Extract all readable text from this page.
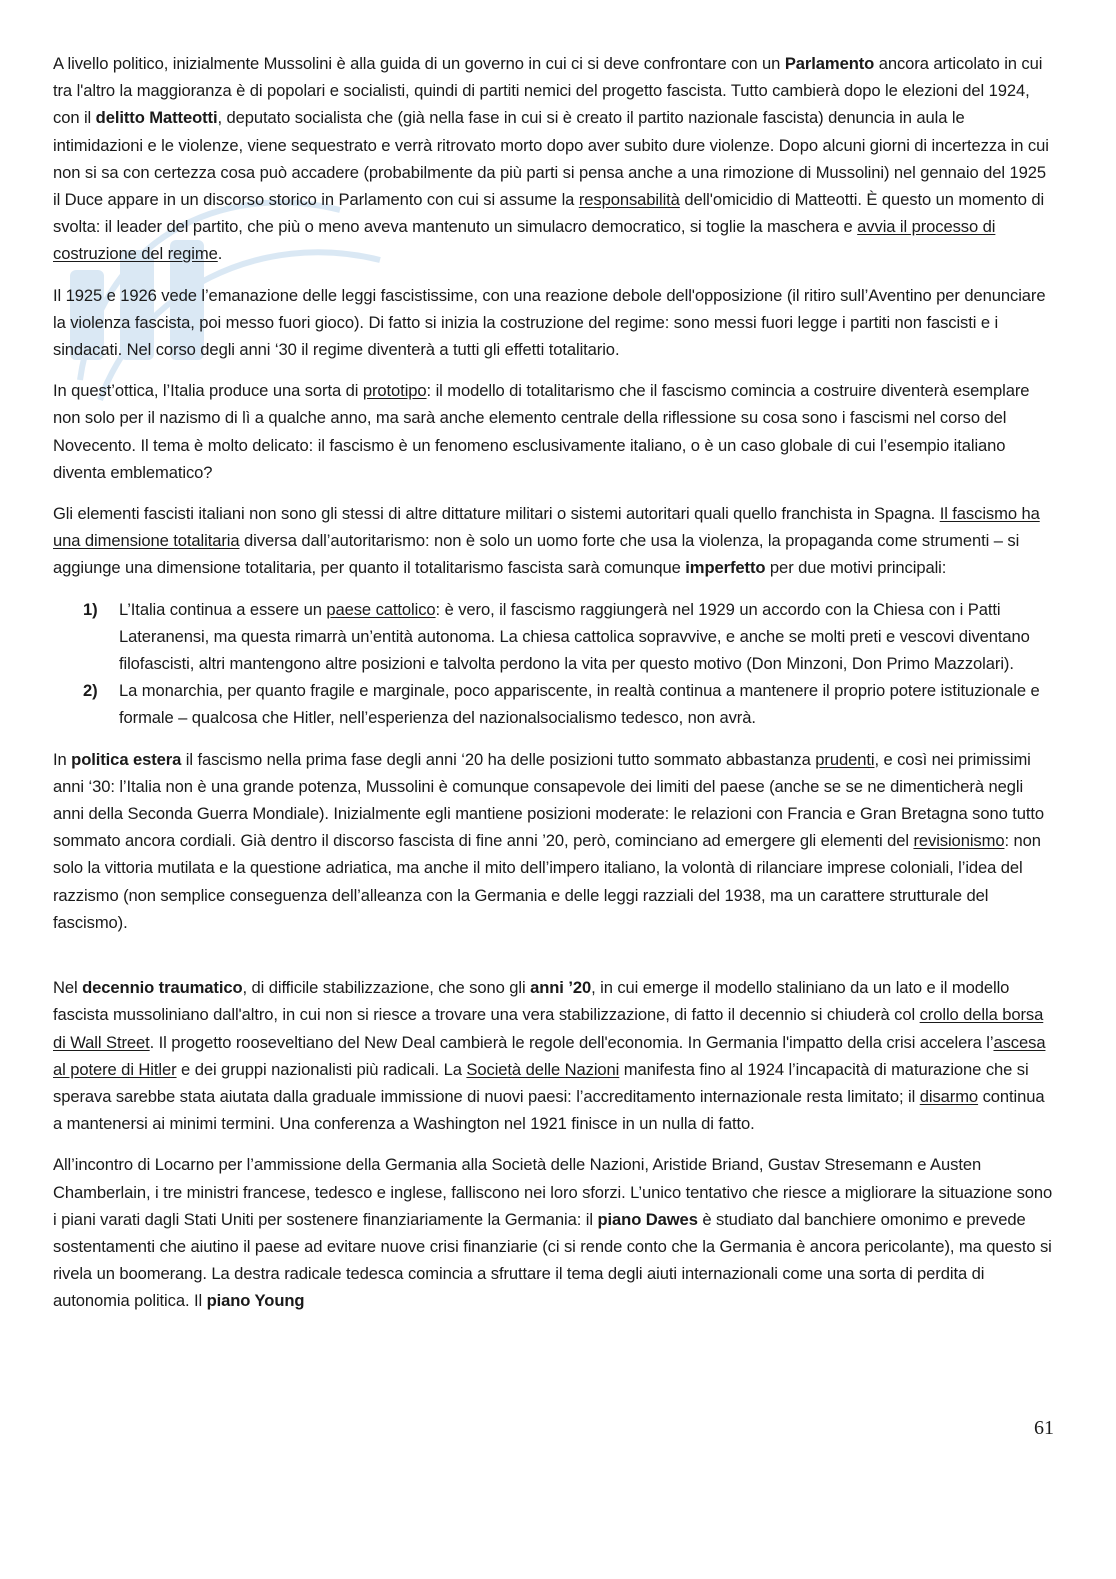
A livello politico, inizialmente Mussolini è alla guida di un governo in cui ci si deve confrontare con un Parlamento ancora articolato in cui tra l'altro la maggioranza è di popolari e socialisti, quindi di partiti nemici del progetto fascista. Tutto cambierà dopo le elezioni del 1924, con il delitto Matteotti, deputato socialista che (già nella fase in cui si è creato il partito nazionale fascista) denuncia in aula le intimidazioni e le violenze, viene sequestrato e verrà ritrovato morto dopo aver subito dure violenze. Dopo alcuni giorni di incertezza in cui non si sa con certezza cosa può accadere (probabilmente da più parti si pensa anche a una rimozione di Mussolini) nel gennaio del 1925 il Duce appare in un discorso storico in Parlamento con cui si assume la responsabilità dell'omicidio di Matteotti. È questo un momento di svolta: il leader del partito, che più o meno aveva mantenuto un simulacro democratico, si toglie la maschera e avvia il processo di costruzione del regime.

Il 1925 e 1926 vede l’emanazione delle leggi fascistissime, con una reazione debole dell'opposizione (il ritiro sull’Aventino per denunciare la violenza fascista, poi messo fuori gioco). Di fatto si inizia la costruzione del regime: sono messi fuori legge i partiti non fascisti e i sindacati. Nel corso degli anni ‘30 il regime diventerà a tutti gli effetti totalitario.

In quest’ottica, l’Italia produce una sorta di prototipo: il modello di totalitarismo che il fascismo comincia a costruire diventerà esemplare non solo per il nazismo di lì a qualche anno, ma sarà anche elemento centrale della riflessione su cosa sono i fascismi nel corso del Novecento. Il tema è molto delicato: il fascismo è un fenomeno esclusivamente italiano, o è un caso globale di cui l’esempio italiano diventa emblematico?

Gli elementi fascisti italiani non sono gli stessi di altre dittature militari o sistemi autoritari quali quello franchista in Spagna. Il fascismo ha una dimensione totalitaria diversa dall’autoritarismo: non è solo un uomo forte che usa la violenza, la propaganda come strumenti – si aggiunge una dimensione totalitaria, per quanto il totalitarismo fascista sarà comunque imperfetto per due motivi principali:

1)	L’Italia continua a essere un paese cattolico: è vero, il fascismo raggiungerà nel 1929 un accordo con la Chiesa con i Patti Lateranensi, ma questa rimarrà un’entità autonoma. La chiesa cattolica sopravvive, e anche se molti preti e vescovi diventano filofascisti, altri mantengono altre posizioni e talvolta perdono la vita per questo motivo (Don Minzoni, Don Primo Mazzolari).
2)	La monarchia, per quanto fragile e marginale, poco appariscente, in realtà continua a mantenere il proprio potere istituzionale e formale – qualcosa che Hitler, nell’esperienza del nazionalsocialismo tedesco, non avrà.

In politica estera il fascismo nella prima fase degli anni ‘20 ha delle posizioni tutto sommato abbastanza prudenti, e così nei primissimi anni ‘30: l’Italia non è una grande potenza, Mussolini è comunque consapevole dei limiti del paese (anche se se ne dimenticherà negli anni della Seconda Guerra Mondiale). Inizialmente egli mantiene posizioni moderate: le relazioni con Francia e Gran Bretagna sono tutto sommato ancora cordiali. Già dentro il discorso fascista di fine anni ’20, però, cominciano ad emergere gli elementi del revisionismo: non solo la vittoria mutilata e la questione adriatica, ma anche il mito dell’impero italiano, la volontà di rilanciare imprese coloniali, l’idea del razzismo (non semplice conseguenza dell’alleanza con la Germania e delle leggi razziali del 1938, ma un carattere strutturale del fascismo).

Nel decennio traumatico, di difficile stabilizzazione, che sono gli anni ’20, in cui emerge il modello staliniano da un lato e il modello fascista mussoliniano dall'altro, in cui non si riesce a trovare una vera stabilizzazione, di fatto il decennio si chiuderà col crollo della borsa di Wall Street. Il progetto rooseveltiano del New Deal cambierà le regole dell'economia. In Germania l'impatto della crisi accelera l’ascesa al potere di Hitler e dei gruppi nazionalisti più radicali. La Società delle Nazioni manifesta fino al 1924 l’incapacità di maturazione che si sperava sarebbe stata aiutata dalla graduale immissione di nuovi paesi: l’accreditamento internazionale resta limitato; il disarmo continua a mantenersi ai minimi termini. Una conferenza a Washington nel 1921 finisce in un nulla di fatto.

All’incontro di Locarno per l’ammissione della Germania alla Società delle Nazioni, Aristide Briand, Gustav Stresemann e Austen Chamberlain, i tre ministri francese, tedesco e inglese, falliscono nei loro sforzi. L’unico tentativo che riesce a migliorare la situazione sono i piani varati dagli Stati Uniti per sostenere finanziariamente la Germania: il piano Dawes è studiato dal banchiere omonimo e prevede sostentamenti che aiutino il paese ad evitare nuove crisi finanziarie (ci si rende conto che la Germania è ancora pericolante), ma questo si rivela un boomerang. La destra radicale tedesca comincia a sfruttare il tema degli aiuti internazionali come una sorta di perdita di autonomia politica. Il piano Young

61
